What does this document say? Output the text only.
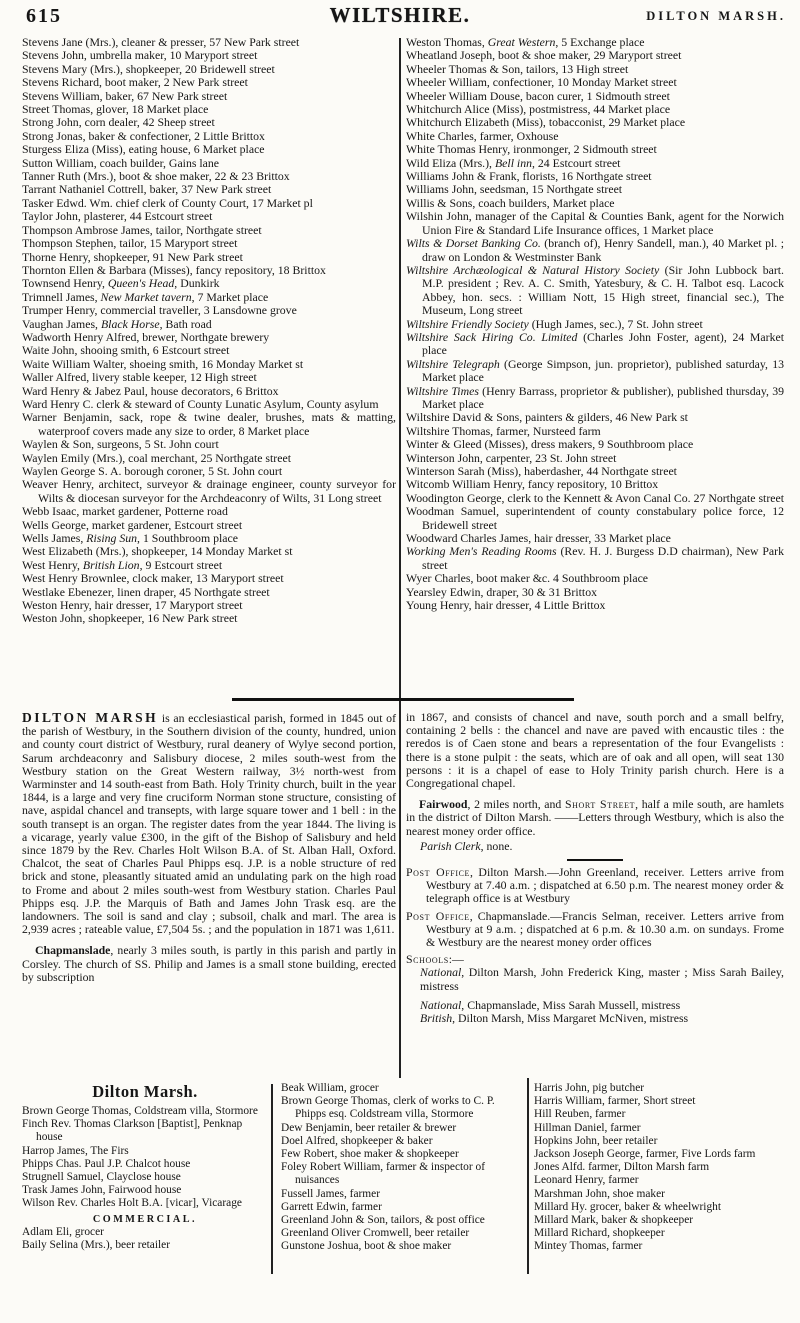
615	WILTSHIRE.	DILTON MARSH.
Stevens Jane (Mrs.), cleaner & presser, 57 New Park street
Stevens John, umbrella maker, 10 Maryport street
Stevens Mary (Mrs.), shopkeeper, 20 Bridewell street
Stevens Richard, boot maker, 2 New Park street
Stevens William, baker, 67 New Park street
Street Thomas, glover, 18 Market place
Strong John, corn dealer, 42 Sheep street
Strong Jonas, baker & confectioner, 2 Little Brittox
Sturgess Eliza (Miss), eating house, 6 Market place
Sutton William, coach builder, Gains lane
Tanner Ruth (Mrs.), boot & shoe maker, 22 & 23 Brittox
Tarrant Nathaniel Cottrell, baker, 37 New Park street
Tasker Edwd. Wm. chief clerk of County Court, 17 Market pl
Taylor John, plasterer, 44 Estcourt street
Thompson Ambrose James, tailor, Northgate street
Thompson Stephen, tailor, 15 Maryport street
Thorne Henry, shopkeeper, 91 New Park street
Thornton Ellen & Barbara (Misses), fancy repository, 18 Brittox
Townsend Henry, Queen's Head, Dunkirk
Trimnell James, New Market tavern, 7 Market place
Trumper Henry, commercial traveller, 3 Lansdowne grove
Vaughan James, Black Horse, Bath road
Wadworth Henry Alfred, brewer, Northgate brewery
Waite John, shooing smith, 6 Estcourt street
Waite William Walter, shoeing smith, 16 Monday Market st
Waller Alfred, livery stable keeper, 12 High street
Ward Henry & Jabez Paul, house decorators, 6 Brittox
Ward Henry C. clerk & steward of County Lunatic Asylum, County asylum
Warner Benjamin, sack, rope & twine dealer, brushes, mats & matting, waterproof covers made any size to order, 8 Market place
Waylen & Son, surgeons, 5 St. John court
Waylen Emily (Mrs.), coal merchant, 25 Northgate street
Waylen George S. A. borough coroner, 5 St. John court
Weaver Henry, architect, surveyor & drainage engineer, county surveyor for Wilts & diocesan surveyor for the Archdeaconry of Wilts, 31 Long street
Webb Isaac, market gardener, Potterne road
Wells George, market gardener, Estcourt street
Wells James, Rising Sun, 1 Southbroom place
West Elizabeth (Mrs.), shopkeeper, 14 Monday Market st
West Henry, British Lion, 9 Estcourt street
West Henry Brownlee, clock maker, 13 Maryport street
Westlake Ebenezer, linen draper, 45 Northgate street
Weston Henry, hair dresser, 17 Maryport street
Weston John, shopkeeper, 16 New Park street
Weston Thomas, Great Western, 5 Exchange place
Wheatland Joseph, boot & shoe maker, 29 Maryport street
Wheeler Thomas & Son, tailors, 13 High street
Wheeler William, confectioner, 10 Monday Market street
Wheeler William Douse, bacon curer, 1 Sidmouth street
Whitchurch Alice (Miss), postmistress, 44 Market place
Whitchurch Elizabeth (Miss), tobacconist, 29 Market place
White Charles, farmer, Oxhouse
White Thomas Henry, ironmonger, 2 Sidmouth street
Wild Eliza (Mrs.), Bell inn, 24 Estcourt street
Williams John & Frank, florists, 16 Northgate street
Williams John, seedsman, 15 Northgate street
Willis & Sons, coach builders, Market place
Wilshin John, manager of the Capital & Counties Bank, agent for the Norwich Union Fire & Standard Life Insurance offices, 1 Market place
Wilts & Dorset Banking Co. (branch of), Henry Sandell, man.), 40 Market pl. ; draw on London & Westminster Bank
Wiltshire Archæological & Natural History Society (Sir John Lubbock bart. M.P. president ; Rev. A. C. Smith, Yatesbury, & C. H. Talbot esq. Lacock Abbey, hon. secs. : William Nott, 15 High street, financial sec.), The Museum, Long street
Wiltshire Friendly Society (Hugh James, sec.), 7 St. John street
Wiltshire Sack Hiring Co. Limited (Charles John Foster, agent), 24 Market place
Wiltshire Telegraph (George Simpson, jun. proprietor), published saturday, 13 Market place
Wiltshire Times (Henry Barrass, proprietor & publisher), published thursday, 39 Market place
Wiltshire David & Sons, painters & gilders, 46 New Park st
Wiltshire Thomas, farmer, Nursteed farm
Winter & Gleed (Misses), dress makers, 9 Southbroom place
Winterson John, carpenter, 23 St. John street
Winterson Sarah (Miss), haberdasher, 44 Northgate street
Witcomb William Henry, fancy repository, 10 Brittox
Woodington George, clerk to the Kennett & Avon Canal Co. 27 Northgate street
Woodman Samuel, superintendent of county constabulary police force, 12 Bridewell street
Woodward Charles James, hair dresser, 33 Market place
Working Men's Reading Rooms (Rev. H. J. Burgess D.D chairman), New Park street
Wyer Charles, boot maker &c. 4 Southbroom place
Yearsley Edwin, draper, 30 & 31 Brittox
Young Henry, hair dresser, 4 Little Brittox

DILTON MARSH is an ecclesiastical parish, formed in 1845 out of the parish of Westbury, in the Southern division of the county, hundred, union and county court district of Westbury, rural deanery of Wylye second portion, Sarum archdeaconry and Salisbury diocese, 2 miles south-west from the Westbury station on the Great Western railway, 3½ north-west from Warminster and 14 south-east from Bath. Holy Trinity church, built in the year 1844, is a large and very fine cruciform Norman stone structure, consisting of nave, aspidal chancel and transepts, with large square tower and 1 bell : in the south transept is an organ. The register dates from the year 1844. The living is a vicarage, yearly value £300, in the gift of the Bishop of Salisbury and held since 1879 by the Rev. Charles Holt Wilson B.A. of St. Alban Hall, Oxford. Chalcot, the seat of Charles Paul Phipps esq. J.P. is a noble structure of red brick and stone, pleasantly situated amid an undulating park on the high road to Frome and about 2 miles south-west from Westbury station. Charles Paul Phipps esq. J.P. the Marquis of Bath and James John Trask esq. are the landowners. The soil is sand and clay ; subsoil, chalk and marl. The area is 2,939 acres ; rateable value, £7,504 5s. ; and the population in 1871 was 1,611.

Chapmanslade, nearly 3 miles south, is partly in this parish and partly in Corsley. The church of SS. Philip and James is a small stone building, erected by subscription

in 1867, and consists of chancel and nave, south porch and a small belfry, containing 2 bells : the chancel and nave are paved with encaustic tiles : the reredos is of Caen stone and bears a representation of the four Evangelists : there is a stone pulpit : the seats, which are of oak and all open, will seat 130 persons : it is a chapel of ease to Holy Trinity parish church. Here is a Congregational chapel.

Fairwood, 2 miles north, and Short Street, half a mile south, are hamlets in the district of Dilton Marsh. ——Letters through Westbury, which is also the nearest money order office.

Parish Clerk, none.

Post Office, Dilton Marsh.—John Greenland, receiver. Letters arrive from Westbury at 7.40 a.m. ; dispatched at 6.50 p.m. The nearest money order & telegraph office is at Westbury

Post Office, Chapmanslade.—Francis Selman, receiver. Letters arrive from Westbury at 9 a.m. ; dispatched at 6 p.m. & 10.30 a.m. on sundays. Frome & Westbury are the nearest money order offices

Schools:—

National, Dilton Marsh, John Frederick King, master ; Miss Sarah Bailey, mistress
National, Chapmanslade, Miss Sarah Mussell, mistress
British, Dilton Marsh, Miss Margaret McNiven, mistress
Dilton Marsh.
Brown George Thomas, Coldstream villa, Stormore
Finch Rev. Thomas Clarkson [Baptist], Penknap house
Harrop James, The Firs
Phipps Chas. Paul J.P. Chalcot house
Strugnell Samuel, Clayclose house
Trask James John, Fairwood house
Wilson Rev. Charles Holt B.A. [vicar], Vicarage
COMMERCIAL.
Adlam Eli, grocer
Baily Selina (Mrs.), beer retailer
Beak William, grocer
Brown George Thomas, clerk of works to C. P. Phipps esq. Coldstream villa, Stormore
Dew Benjamin, beer retailer & brewer
Doel Alfred, shopkeeper & baker
Few Robert, shoe maker & shopkeeper
Foley Robert William, farmer & inspector of nuisances
Fussell James, farmer
Garrett Edwin, farmer
Greenland John & Son, tailors, & post office
Greenland Oliver Cromwell, beer retailer
Gunstone Joshua, boot & shoe maker
Harris John, pig butcher
Harris William, farmer, Short street
Hill Reuben, farmer
Hillman Daniel, farmer
Hopkins John, beer retailer
Jackson Joseph George, farmer, Five Lords farm
Jones Alfd. farmer, Dilton Marsh farm
Leonard Henry, farmer
Marshman John, shoe maker
Millard Hy. grocer, baker & wheelwright
Millard Mark, baker & shopkeeper
Millard Richard, shopkeeper
Mintey Thomas, farmer
